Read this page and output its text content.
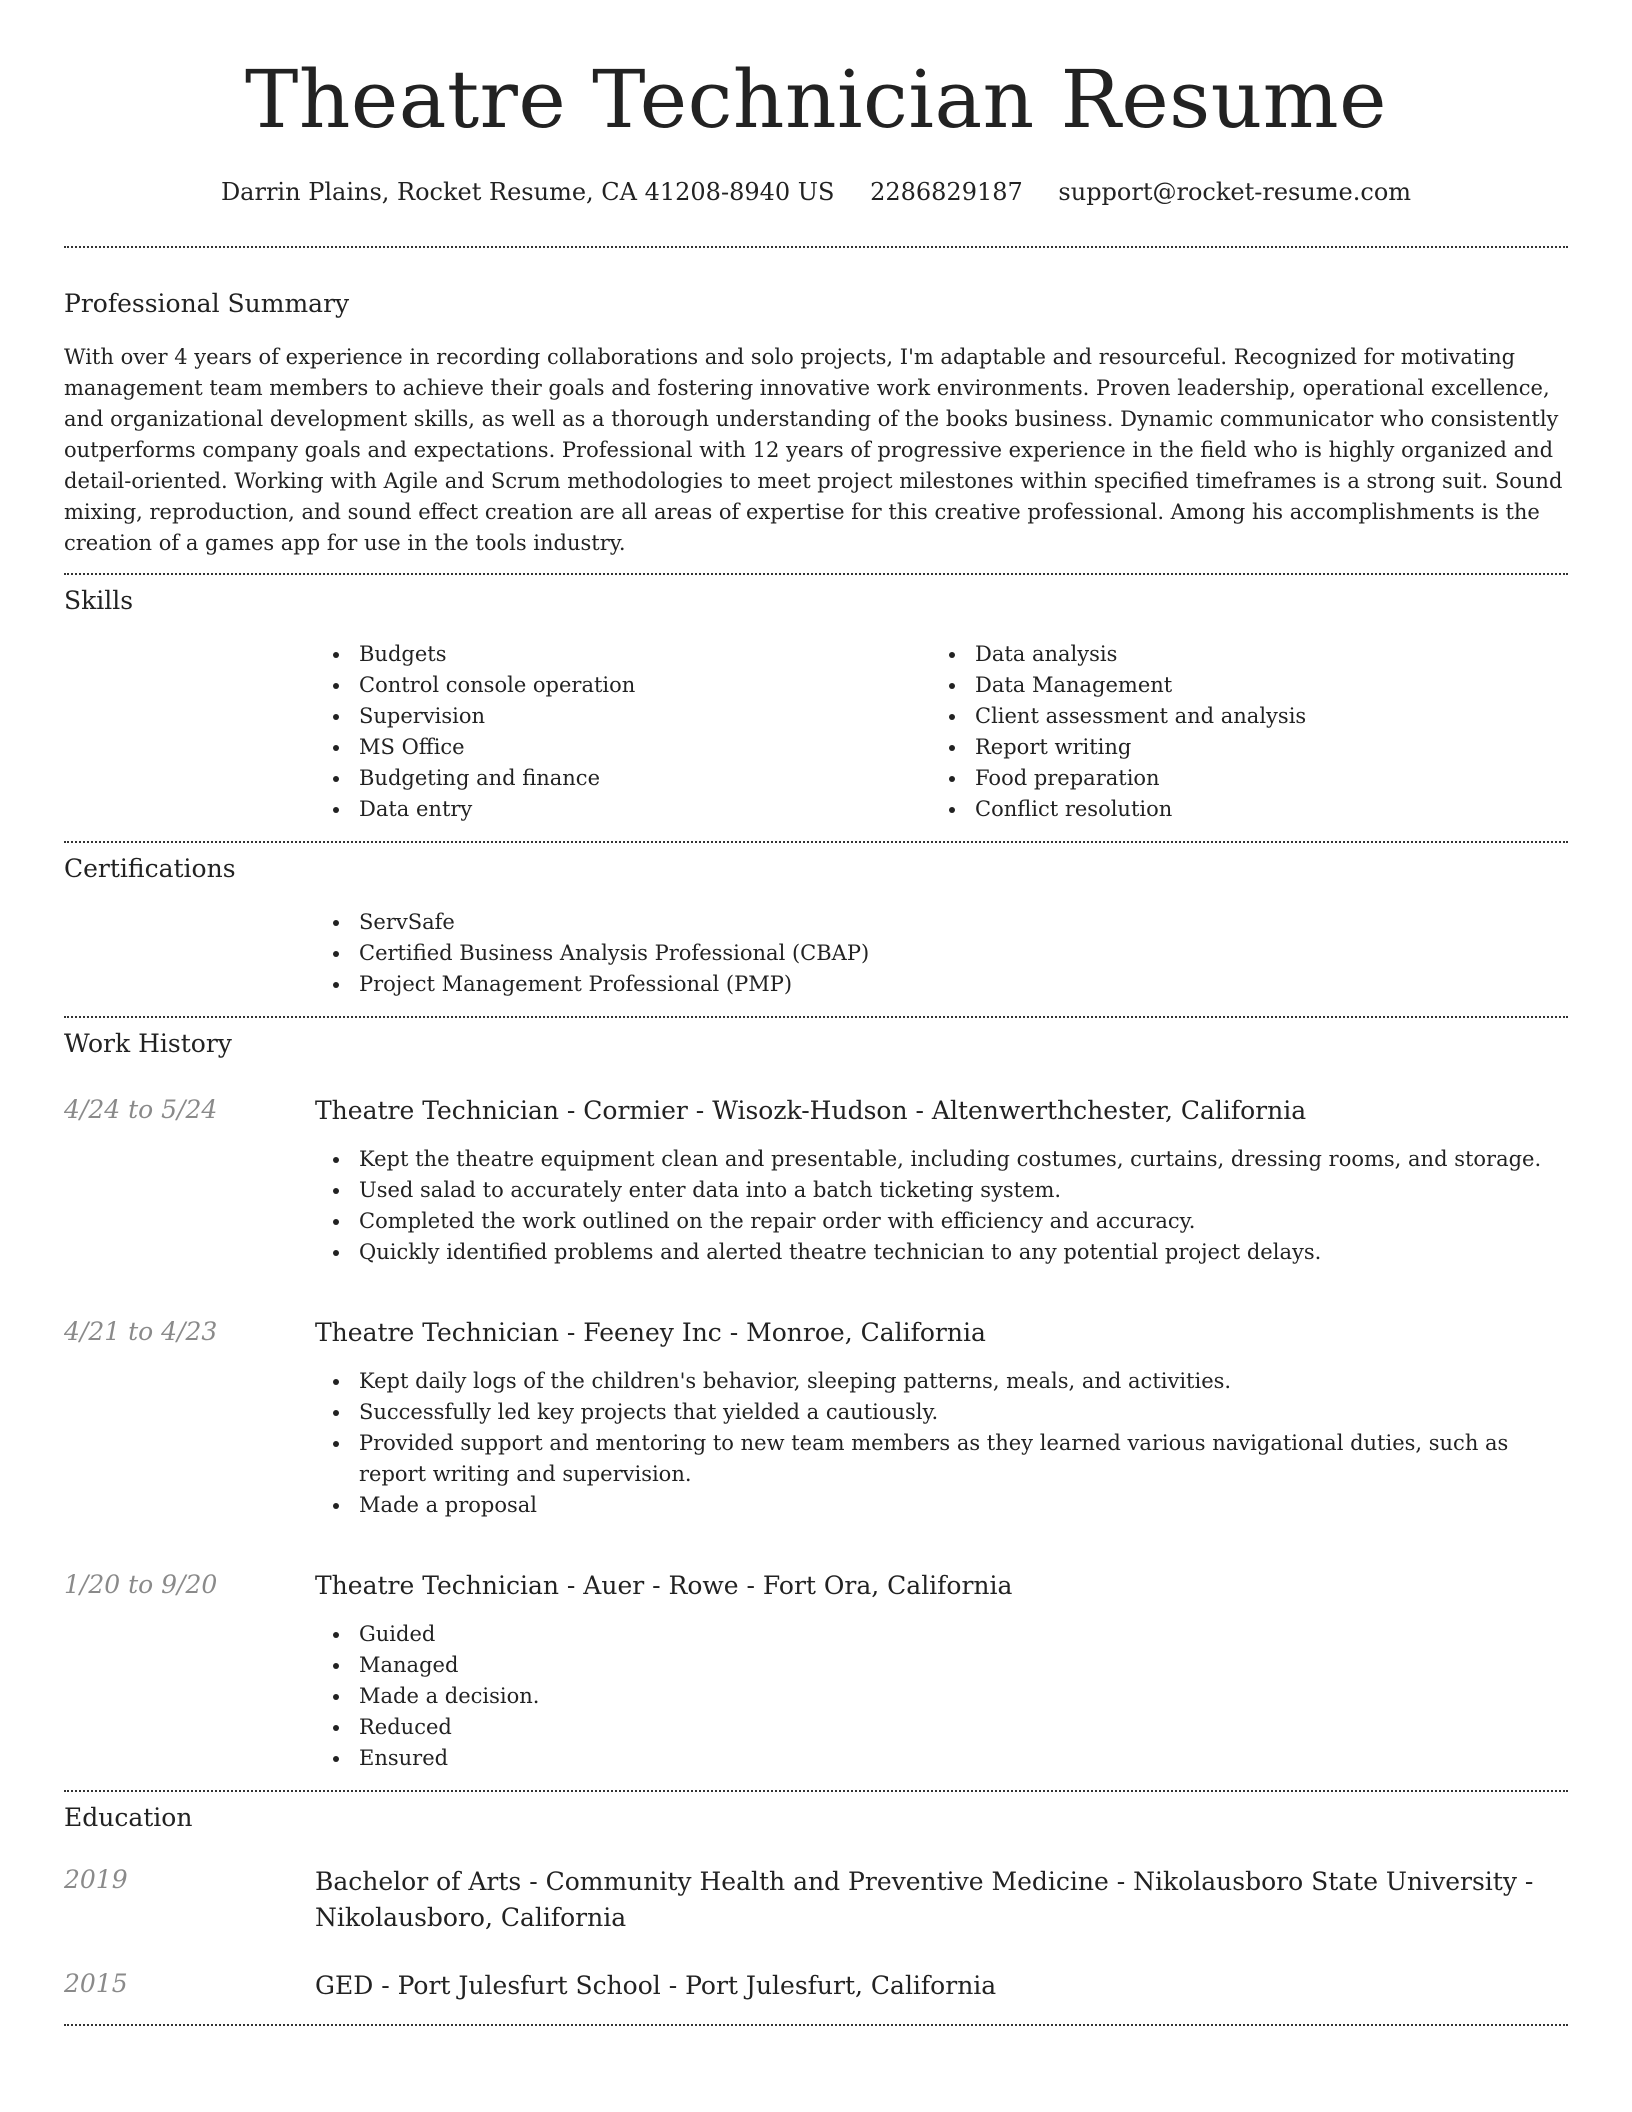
Theatre Technician Resume
Darrin Plains, Rocket Resume, CA 41208-8940 US 2286829187 support@rocket-resume.com
Professional Summary

With over 4 years of experience in recording collaborations and solo projects, I'm adaptable and resourceful. Recognized for motivating management team members to achieve their goals and fostering innovative work environments. Proven leadership, operational excellence, and organizational development skills, as well as a thorough understanding of the books business. Dynamic communicator who consistently outperforms company goals and expectations. Professional with 12 years of progressive experience in the field who is highly organized and detail-oriented. Working with Agile and Scrum methodologies to meet project milestones within specified timeframes is a strong suit. Sound mixing, reproduction, and sound effect creation are all areas of expertise for this creative professional. Among his accomplishments is the creation of a games app for use in the tools industry.

Skills
Budgets
Control console operation
Supervision
MS Office
Budgeting and finance
Data entry
Data analysis
Data Management
Client assessment and analysis
Report writing
Food preparation
Conflict resolution
Certifications
ServSafe
Certified Business Analysis Professional (CBAP)
Project Management Professional (PMP)
Work History
4/24 to 5/24	Theatre Technician - Cormier - Wisozk-Hudson - Altenwerthchester, California
Kept the theatre equipment clean and presentable, including costumes, curtains, dressing rooms, and storage.
Used salad to accurately enter data into a batch ticketing system.
Completed the work outlined on the repair order with efficiency and accuracy.
Quickly identified problems and alerted theatre technician to any potential project delays.
4/21 to 4/23	Theatre Technician - Feeney Inc - Monroe, California
Kept daily logs of the children's behavior, sleeping patterns, meals, and activities.
Successfully led key projects that yielded a cautiously.
Provided support and mentoring to new team members as they learned various navigational duties, such as report writing and supervision.
Made a proposal
1/20 to 9/20	Theatre Technician - Auer - Rowe - Fort Ora, California
Guided
Managed
Made a decision.
Reduced
Ensured
Education
2019	Bachelor of Arts - Community Health and Preventive Medicine - Nikolausboro State University - Nikolausboro, California
2015	GED - Port Julesfurt School - Port Julesfurt, California
